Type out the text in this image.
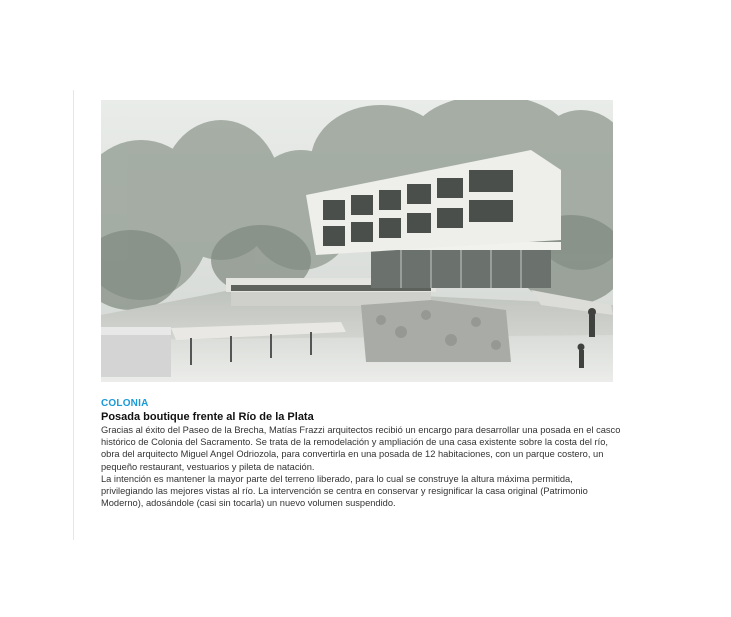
COLONIA
Posada boutique frente al Río de la Plata

Gracias al éxito del Paseo de la Brecha, Matías Frazzi arquitectos recibió un encargo para desarrollar una posada en el casco histórico de Colonia del Sacramento. Se trata de la remodelación y ampliación de una casa existente sobre la costa del río, obra del arquitecto Miguel Angel Odriozola, para convertirla en una posada de 12 habitaciones, con un parque costero, un pequeño restaurant, vestuarios y pileta de natación.

La intención es mantener la mayor parte del terreno liberado, para lo cual se construye la altura máxima permitida, privilegiando las mejores vistas al río. La intervención se centra en conservar y resignificar la casa original (Patrimonio Moderno), adosándole (casi sin tocarla) un nuevo volumen suspendido.
